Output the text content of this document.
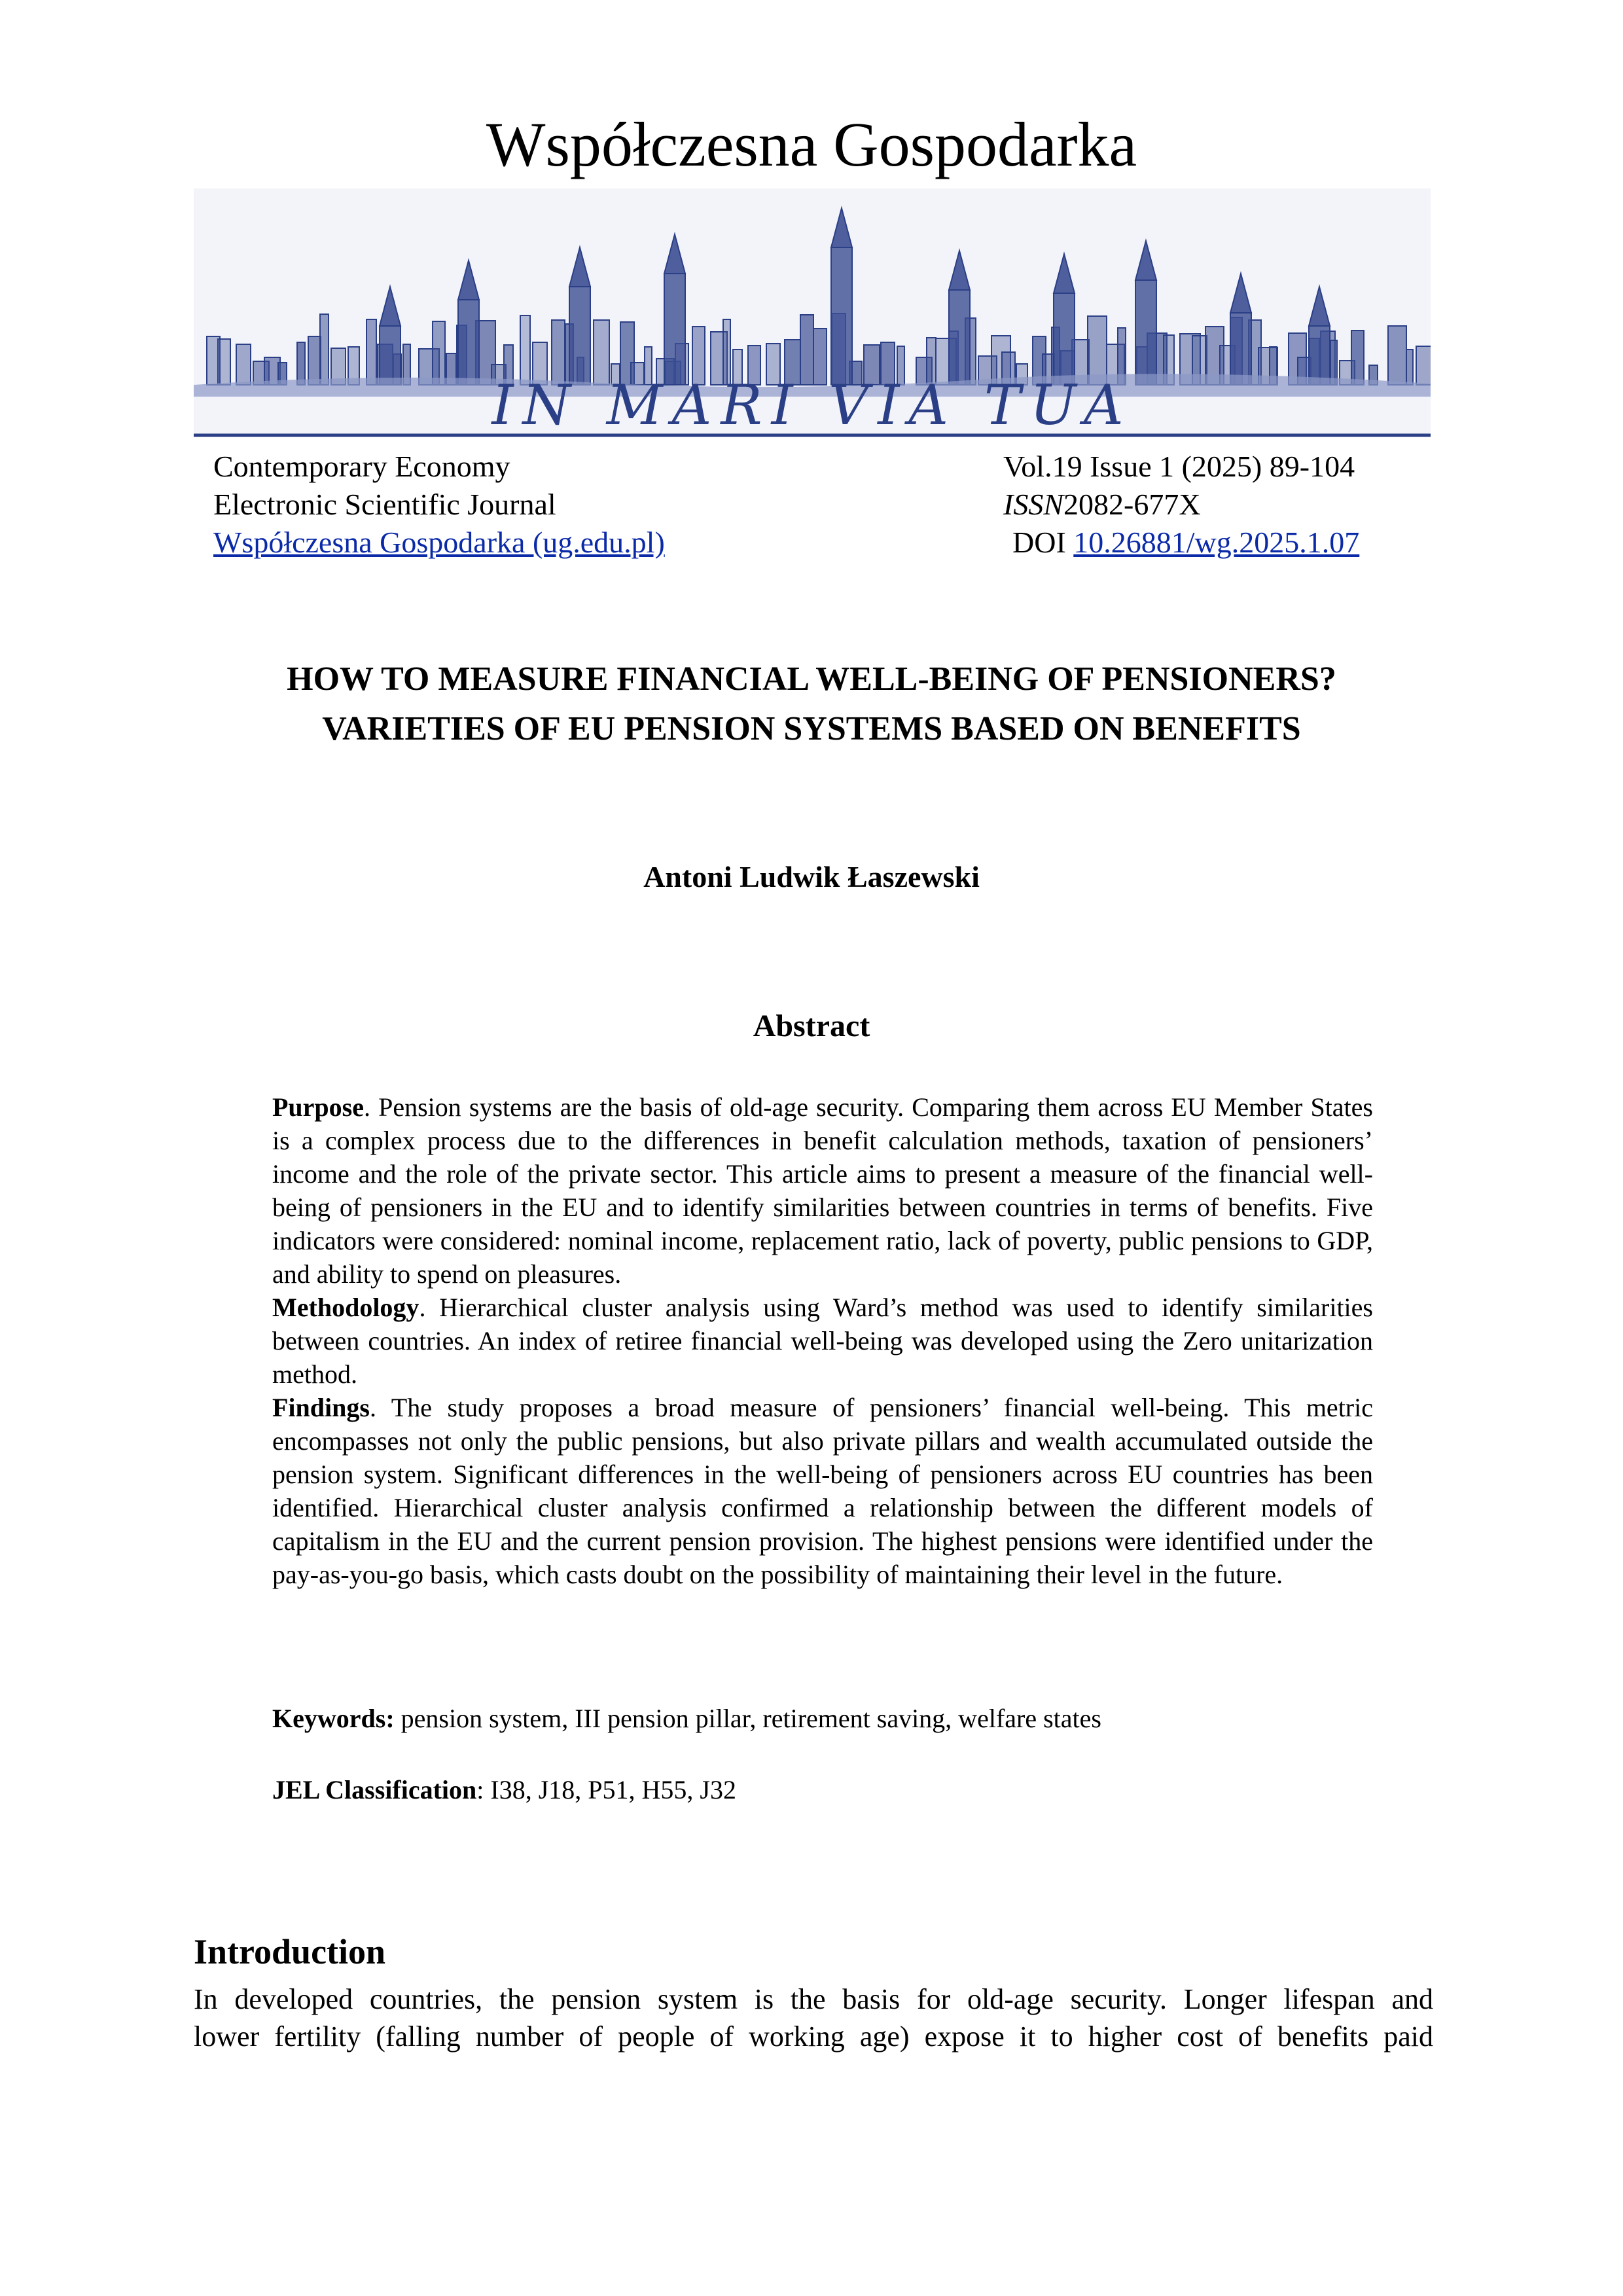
Współczesna Gospodarka
IN MARI VIA TUA
Contemporary Economy
Electronic Scientific Journal
Współczesna Gospodarka (ug.edu.pl)
Vol.19 Issue 1 (2025) 89-104
ISSN2082-677X
DOI 10.26881/wg.2025.1.07
HOW TO MEASURE FINANCIAL WELL-BEING OF PENSIONERS?
VARIETIES OF EU PENSION SYSTEMS BASED ON BENEFITS
Antoni Ludwik Łaszewski
Abstract

Purpose. Pension systems are the basis of old-age security. Comparing them across EU Member States is a complex process due to the differences in benefit calculation methods, taxation of pensioners’ income and the role of the private sector. This article aims to present a measure of the financial well-being of pensioners in the EU and to identify similarities between countries in terms of benefits. Five indicators were considered: nominal income, replacement ratio, lack of poverty, public pensions to GDP, and ability to spend on pleasures.

Methodology. Hierarchical cluster analysis using Ward’s method was used to identify similarities between countries. An index of retiree financial well-being was developed using the Zero unitarization method.

Findings. The study proposes a broad measure of pensioners’ financial well-being. This metric encompasses not only the public pensions, but also private pillars and wealth accumulated outside the pension system. Significant differences in the well-being of pensioners across EU countries has been identified. Hierarchical cluster analysis confirmed a relationship between the different models of capitalism in the EU and the current pension provision. The highest pensions were identified under the pay-as-you-go basis, which casts doubt on the possibility of maintaining their level in the future.

Keywords: pension system, III pension pillar, retirement saving, welfare states
JEL Classification: I38, J18, P51, H55, J32
Introduction

In developed countries, the pension system is the basis for old-age security. Longer lifespan and

lower fertility (falling number of people of working age) expose it to higher cost of benefits paid
